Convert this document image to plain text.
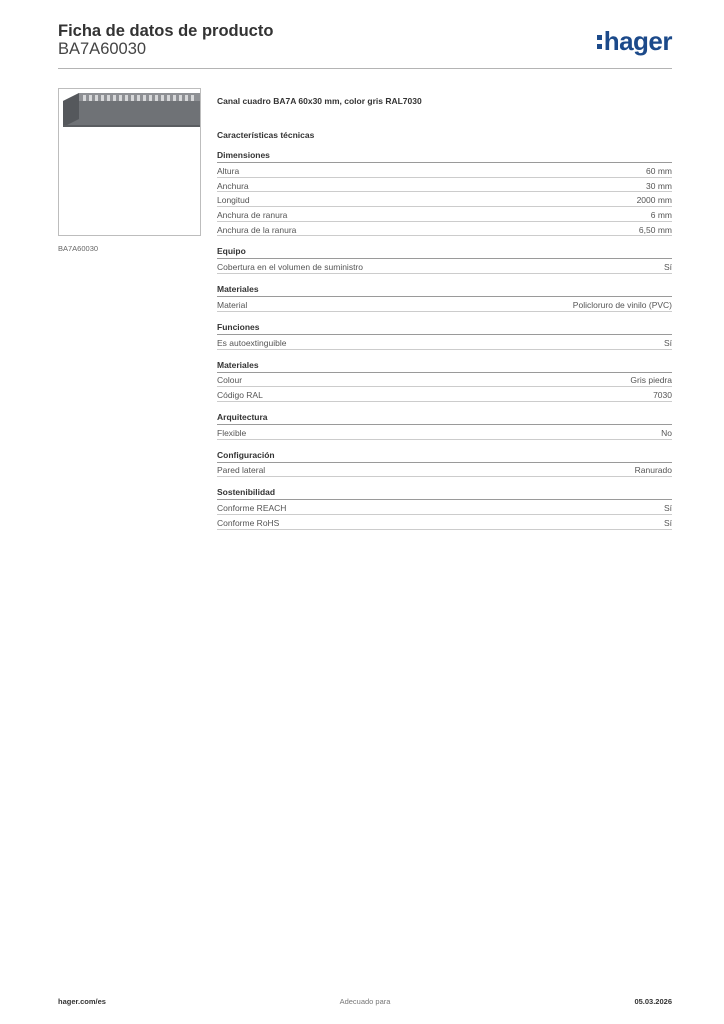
Ficha de datos de producto
BA7A60030	hager
BA7A60030
Canal cuadro BA7A 60x30 mm, color gris RAL7030
Características técnicas
Dimensiones
Altura	60 mm
Anchura	30 mm
Longitud	2000 mm
Anchura de ranura	6 mm
Anchura de la ranura	6,50 mm
Equipo
Cobertura en el volumen de suministro	Sí
Materiales
Material	Policloruro de vinilo (PVC)
Funciones
Es autoextinguible	Sí
Materiales
Colour	Gris piedra
Código RAL	7030
Arquitectura
Flexible	No
Configuración
Pared lateral	Ranurado
Sostenibilidad
Conforme REACH	Sí
Conforme RoHS	Sí
hager.com/es	Adecuado para	05.03.2026
